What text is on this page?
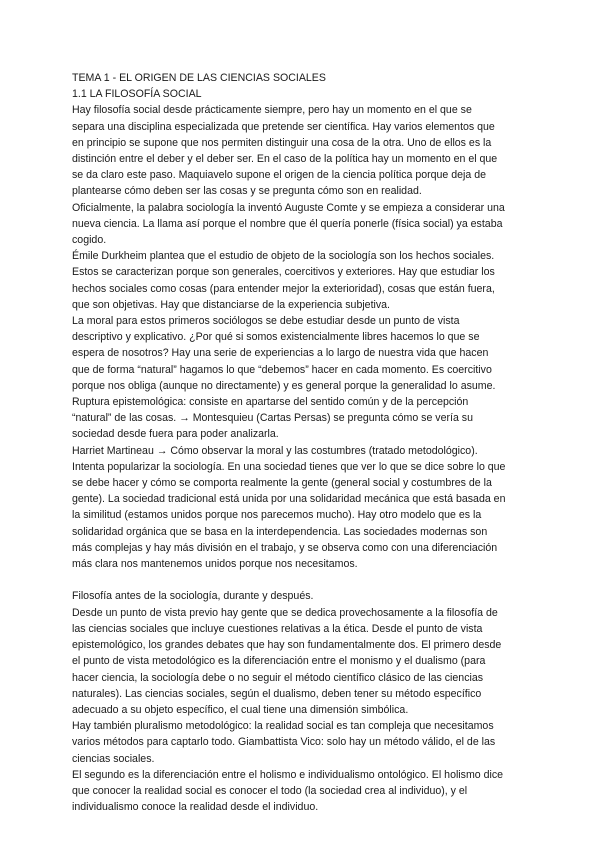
TEMA 1 - EL ORIGEN DE LAS CIENCIAS SOCIALES
1.1 LA FILOSOFÍA SOCIAL
Hay filosofía social desde prácticamente siempre, pero hay un momento en el que se
separa una disciplina especializada que pretende ser científica. Hay varios elementos que
en principio se supone que nos permiten distinguir una cosa de la otra. Uno de ellos es la
distinción entre el deber y el deber ser. En el caso de la política hay un momento en el que
se da claro este paso. Maquiavelo supone el origen de la ciencia política porque deja de
plantearse cómo deben ser las cosas y se pregunta cómo son en realidad.
Oficialmente, la palabra sociología la inventó Auguste Comte y se empieza a considerar una
nueva ciencia. La llama así porque el nombre que él quería ponerle (física social) ya estaba
cogido.
Émile Durkheim plantea que el estudio de objeto de la sociología son los hechos sociales.
Estos se caracterizan porque son generales, coercitivos y exteriores. Hay que estudiar los
hechos sociales como cosas (para entender mejor la exterioridad), cosas que están fuera,
que son objetivas. Hay que distanciarse de la experiencia subjetiva.
La moral para estos primeros sociólogos se debe estudiar desde un punto de vista
descriptivo y explicativo. ¿Por qué si somos existencialmente libres hacemos lo que se
espera de nosotros? Hay una serie de experiencias a lo largo de nuestra vida que hacen
que de forma “natural” hagamos lo que “debemos” hacer en cada momento. Es coercitivo
porque nos obliga (aunque no directamente) y es general porque la generalidad lo asume.
Ruptura epistemológica: consiste en apartarse del sentido común y de la percepción
“natural” de las cosas. → Montesquieu (Cartas Persas) se pregunta cómo se vería su
sociedad desde fuera para poder analizarla.
Harriet Martineau → Cómo observar la moral y las costumbres (tratado metodológico).
Intenta popularizar la sociología. En una sociedad tienes que ver lo que se dice sobre lo que
se debe hacer y cómo se comporta realmente la gente (general social y costumbres de la
gente). La sociedad tradicional está unida por una solidaridad mecánica que está basada en
la similitud (estamos unidos porque nos parecemos mucho). Hay otro modelo que es la
solidaridad orgánica que se basa en la interdependencia. Las sociedades modernas son
más complejas y hay más división en el trabajo, y se observa como con una diferenciación
más clara nos mantenemos unidos porque nos necesitamos.
Filosofía antes de la sociología, durante y después.
Desde un punto de vista previo hay gente que se dedica provechosamente a la filosofía de
las ciencias sociales que incluye cuestiones relativas a la ética. Desde el punto de vista
epistemológico, los grandes debates que hay son fundamentalmente dos. El primero desde
el punto de vista metodológico es la diferenciación entre el monismo y el dualismo (para
hacer ciencia, la sociología debe o no seguir el método científico clásico de las ciencias
naturales). Las ciencias sociales, según el dualismo, deben tener su método específico
adecuado a su objeto específico, el cual tiene una dimensión simbólica.
Hay también pluralismo metodológico: la realidad social es tan compleja que necesitamos
varios métodos para captarlo todo. Giambattista Vico: solo hay un método válido, el de las
ciencias sociales.
El segundo es la diferenciación entre el holismo e individualismo ontológico. El holismo dice
que conocer la realidad social es conocer el todo (la sociedad crea al individuo), y el
individualismo conoce la realidad desde el individuo.
